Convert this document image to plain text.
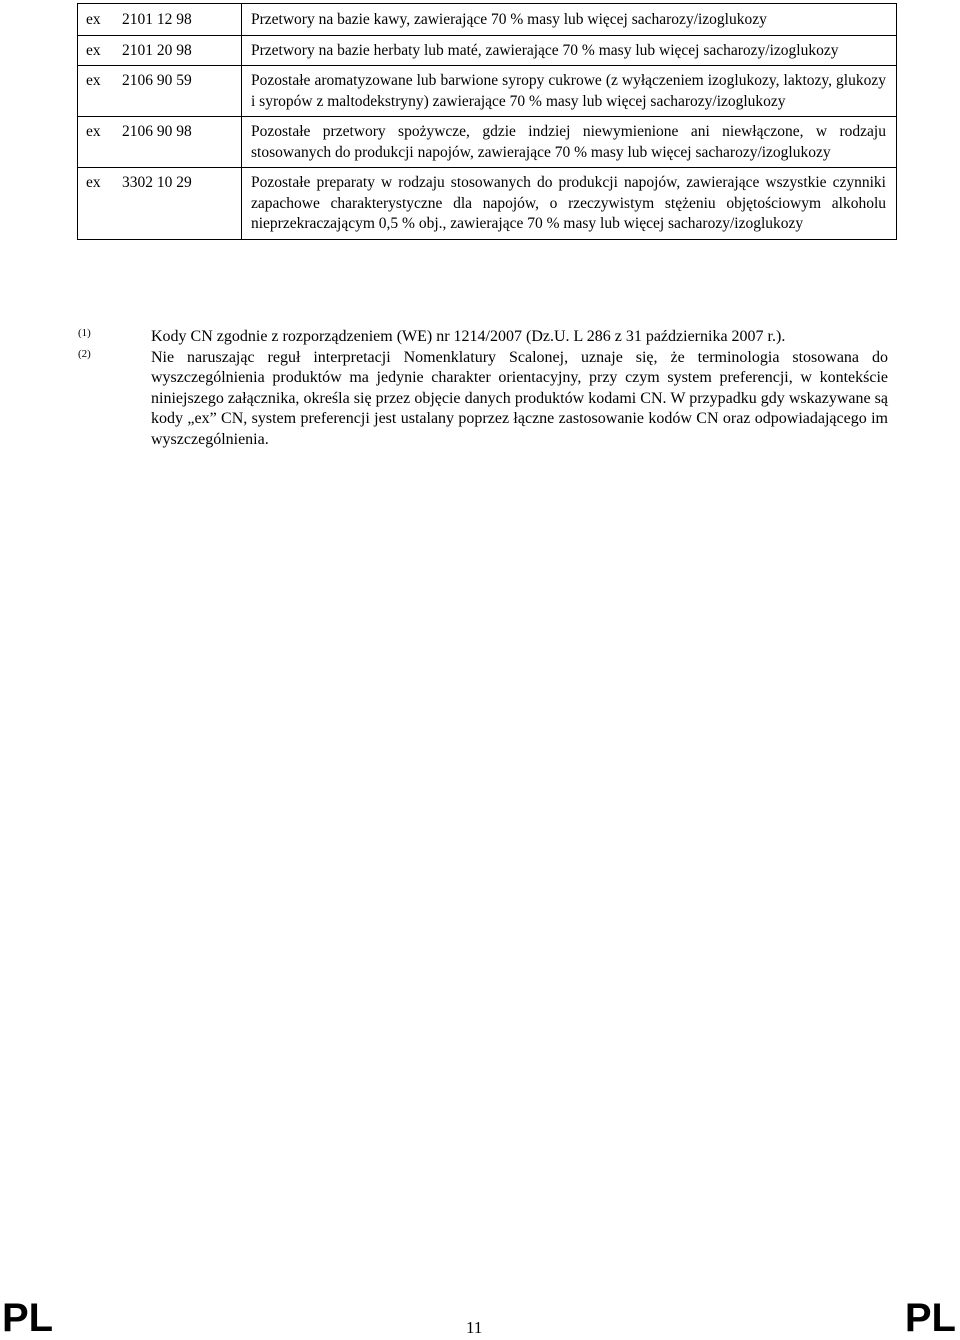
ex 2101 12 98	Przetwory na bazie kawy, zawierające 70 % masy lub więcej sacharozy/izoglukozy
ex 2101 20 98	Przetwory na bazie herbaty lub maté, zawierające 70 % masy lub więcej sacharozy/izoglukozy
ex 2106 90 59	Pozostałe aromatyzowane lub barwione syropy cukrowe (z wyłączeniem izoglukozy, laktozy, glukozy i syropów z maltodekstryny) zawierające 70 % masy lub więcej sacharozy/izoglukozy
ex 2106 90 98	Pozostałe przetwory spożywcze, gdzie indziej niewymienione ani niewłączone, w rodzaju stosowanych do produkcji napojów, zawierające 70 % masy lub więcej sacharozy/izoglukozy
ex 3302 10 29	Pozostałe preparaty w rodzaju stosowanych do produkcji napojów, zawierające wszystkie czynniki zapachowe charakterystyczne dla napojów, o rzeczywistym stężeniu objętościowym alkoholu nieprzekraczającym 0,5 % obj., zawierające 70 % masy lub więcej sacharozy/izoglukozy
(1)	Kody CN zgodnie z rozporządzeniem (WE) nr 1214/2007 (Dz.U. L 286 z 31 października 2007 r.).
(2)	Nie naruszając reguł interpretacji Nomenklatury Scalonej, uznaje się, że terminologia stosowana do wyszczególnienia produktów ma jedynie charakter orientacyjny, przy czym system preferencji, w kontekście niniejszego załącznika, określa się przez objęcie danych produktów kodami CN. W przypadku gdy wskazywane są kody „ex” CN, system preferencji jest ustalany poprzez łączne zastosowanie kodów CN oraz odpowiadającego im wyszczególnienia.
PL	11	PL
